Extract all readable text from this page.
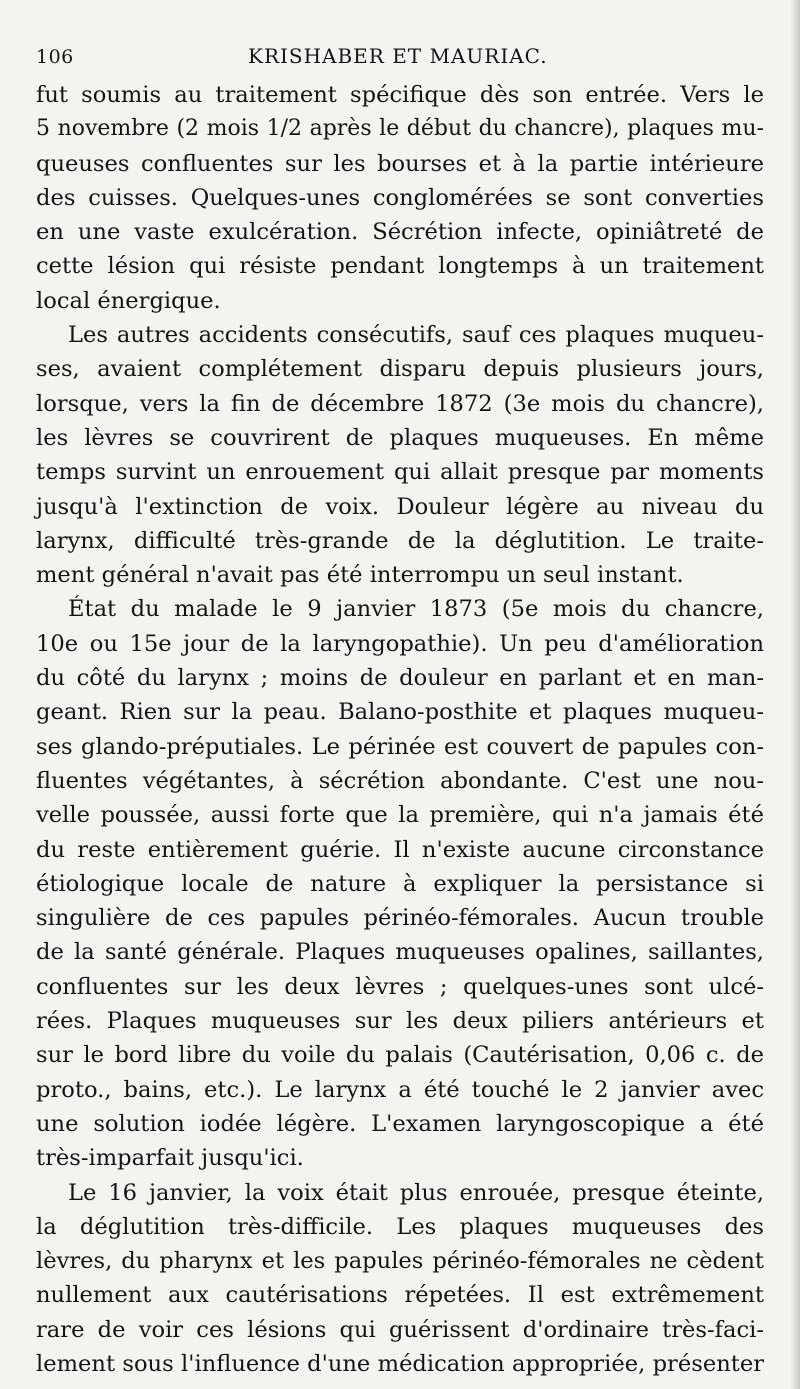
106	KRISHABER ET MAURIAC.
fut soumis au traitement spécifique dès son entrée. Vers le
5 novembre (2 mois 1/2 après le début du chancre), plaques mu-
queuses confluentes sur les bourses et à la partie intérieure
des cuisses. Quelques-unes conglomérées se sont converties
en une vaste exulcération. Sécrétion infecte, opiniâtreté de
cette lésion qui résiste pendant longtemps à un traitement
local énergique.
Les autres accidents consécutifs, sauf ces plaques muqueu-
ses, avaient complétement disparu depuis plusieurs jours,
lorsque, vers la fin de décembre 1872 (3e mois du chancre),
les lèvres se couvrirent de plaques muqueuses. En même
temps survint un enrouement qui allait presque par moments
jusqu'à l'extinction de voix. Douleur légère au niveau du
larynx, difficulté très-grande de la déglutition. Le traite-
ment général n'avait pas été interrompu un seul instant.
État du malade le 9 janvier 1873 (5e mois du chancre,
10e ou 15e jour de la laryngopathie). Un peu d'amélioration
du côté du larynx ; moins de douleur en parlant et en man-
geant. Rien sur la peau. Balano-posthite et plaques muqueu-
ses glando-préputiales. Le périnée est couvert de papules con-
fluentes végétantes, à sécrétion abondante. C'est une nou-
velle poussée, aussi forte que la première, qui n'a jamais été
du reste entièrement guérie. Il n'existe aucune circonstance
étiologique locale de nature à expliquer la persistance si
singulière de ces papules périnéo-fémorales. Aucun trouble
de la santé générale. Plaques muqueuses opalines, saillantes,
confluentes sur les deux lèvres ; quelques-unes sont ulcé-
rées. Plaques muqueuses sur les deux piliers antérieurs et
sur le bord libre du voile du palais (Cautérisation, 0,06 c. de
proto., bains, etc.). Le larynx a été touché le 2 janvier avec
une solution iodée légère. L'examen laryngoscopique a été
très-imparfait jusqu'ici.
Le 16 janvier, la voix était plus enrouée, presque éteinte,
la déglutition très-difficile. Les plaques muqueuses des
lèvres, du pharynx et les papules périnéo-fémorales ne cèdent
nullement aux cautérisations répetées. Il est extrêmement
rare de voir ces lésions qui guérissent d'ordinaire très-faci-
lement sous l'influence d'une médication appropriée, présenter
